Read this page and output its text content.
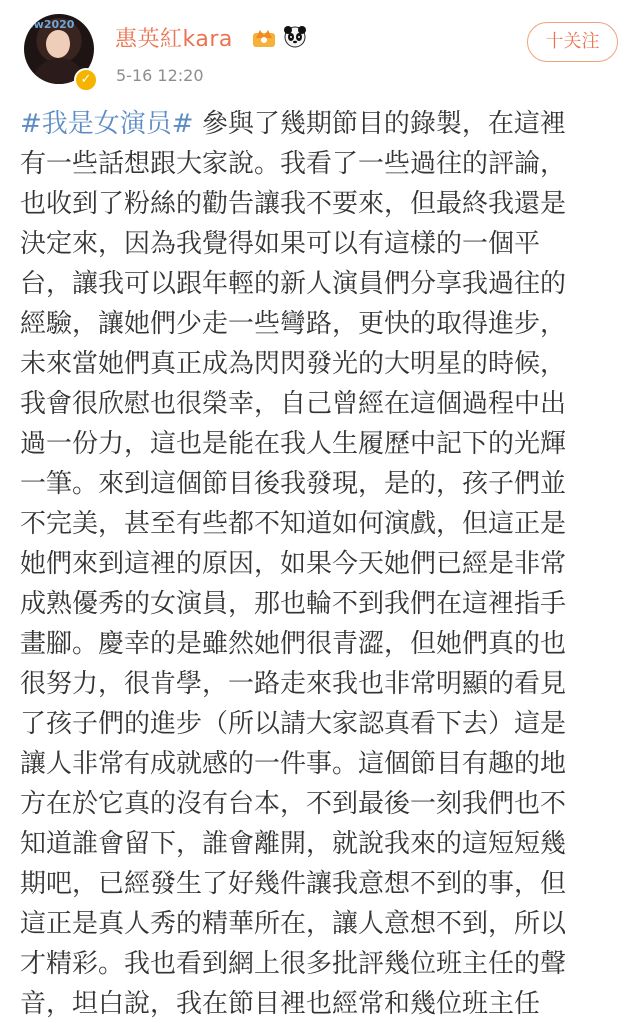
8w2020
✓
惠英紅kara
5-16 12:20
十关注
#我是女演员# 參與了幾期節目的錄製，在這裡
有一些話想跟大家說。我看了一些過往的評論，
也收到了粉絲的勸告讓我不要來，但最終我還是
決定來，因為我覺得如果可以有這樣的一個平
台，讓我可以跟年輕的新人演員們分享我過往的
經驗，讓她們少走一些彎路，更快的取得進步，
未來當她們真正成為閃閃發光的大明星的時候，
我會很欣慰也很榮幸，自己曾經在這個過程中出
過一份力，這也是能在我人生履歷中記下的光輝
一筆。來到這個節目後我發現，是的，孩子們並
不完美，甚至有些都不知道如何演戲，但這正是
她們來到這裡的原因，如果今天她們已經是非常
成熟優秀的女演員，那也輪不到我們在這裡指手
畫腳。慶幸的是雖然她們很青澀，但她們真的也
很努力，很肯學，一路走來我也非常明顯的看見
了孩子們的進步（所以請大家認真看下去）這是
讓人非常有成就感的一件事。這個節目有趣的地
方在於它真的沒有台本，不到最後一刻我們也不
知道誰會留下，誰會離開，就說我來的這短短幾
期吧，已經發生了好幾件讓我意想不到的事，但
這正是真人秀的精華所在，讓人意想不到，所以
才精彩。我也看到網上很多批評幾位班主任的聲
音，坦白說，我在節目裡也經常和幾位班主任
